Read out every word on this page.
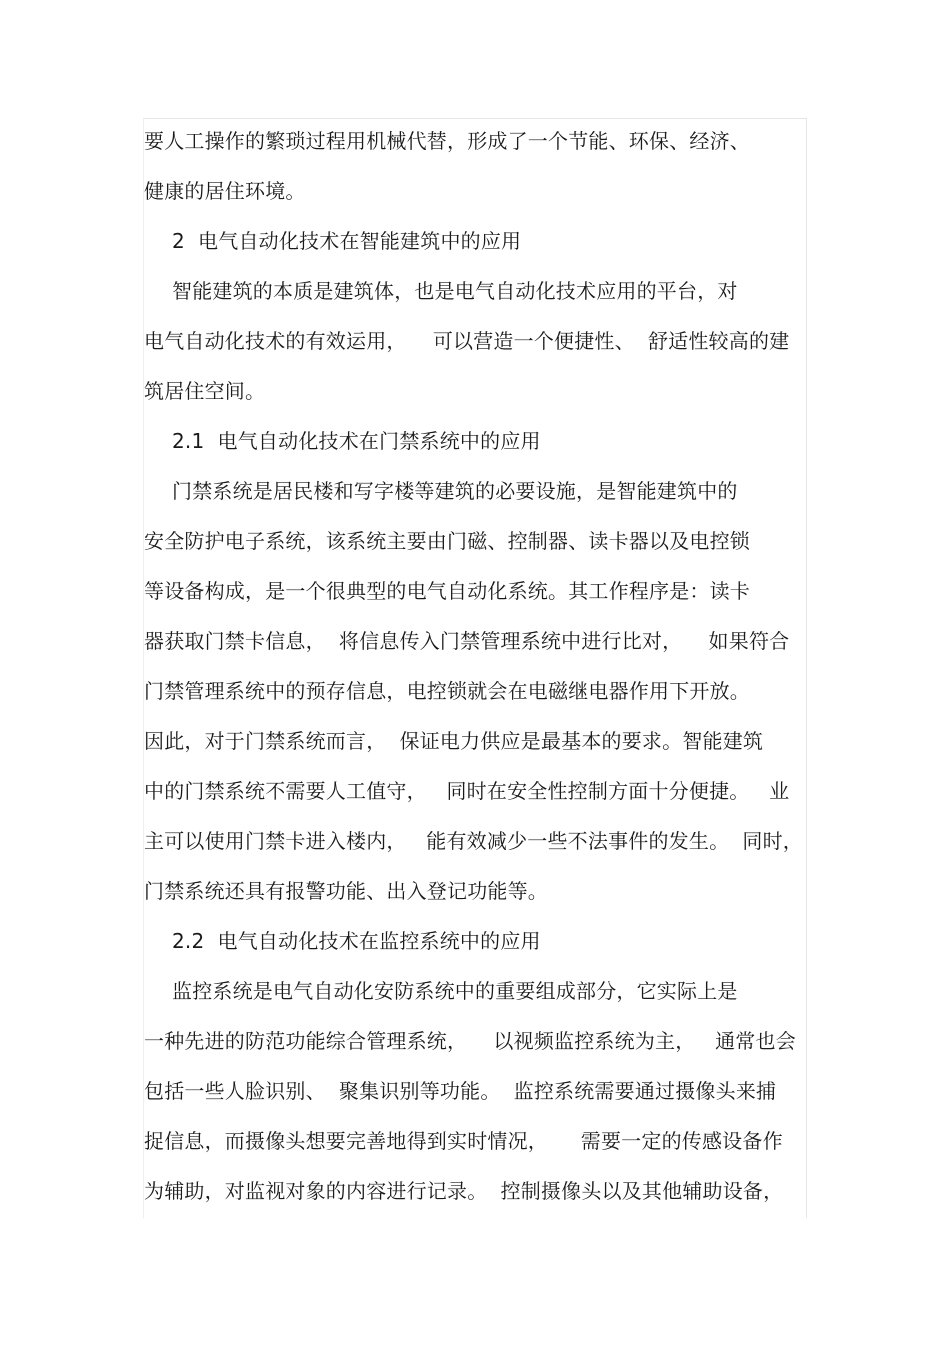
要人工操作的繁琐过程用机械代替，形成了一个节能、环保、经济、
健康的居住环境。
2  电气自动化技术在智能建筑中的应用
智能建筑的本质是建筑体，也是电气自动化技术应用的平台，对
电气自动化技术的有效运用，    可以营造一个便捷性、  舒适性较高的建
筑居住空间。
2.1  电气自动化技术在门禁系统中的应用
门禁系统是居民楼和写字楼等建筑的必要设施，是智能建筑中的
安全防护电子系统，该系统主要由门磁、控制器、读卡器以及电控锁
等设备构成，是一个很典型的电气自动化系统。其工作程序是：读卡
器获取门禁卡信息，  将信息传入门禁管理系统中进行比对，    如果符合
门禁管理系统中的预存信息，电控锁就会在电磁继电器作用下开放。
因此，对于门禁系统而言，  保证电力供应是最基本的要求。智能建筑
中的门禁系统不需要人工值守，   同时在安全性控制方面十分便捷。   业
主可以使用门禁卡进入楼内，   能有效减少一些不法事件的发生。  同时，
门禁系统还具有报警功能、出入登记功能等。
2.2  电气自动化技术在监控系统中的应用
监控系统是电气自动化安防系统中的重要组成部分，它实际上是
一种先进的防范功能综合管理系统，    以视频监控系统为主，   通常也会
包括一些人脸识别、  聚集识别等功能。  监控系统需要通过摄像头来捕
捉信息，而摄像头想要完善地得到实时情况，     需要一定的传感设备作
为辅助，对监视对象的内容进行记录。  控制摄像头以及其他辅助设备，
